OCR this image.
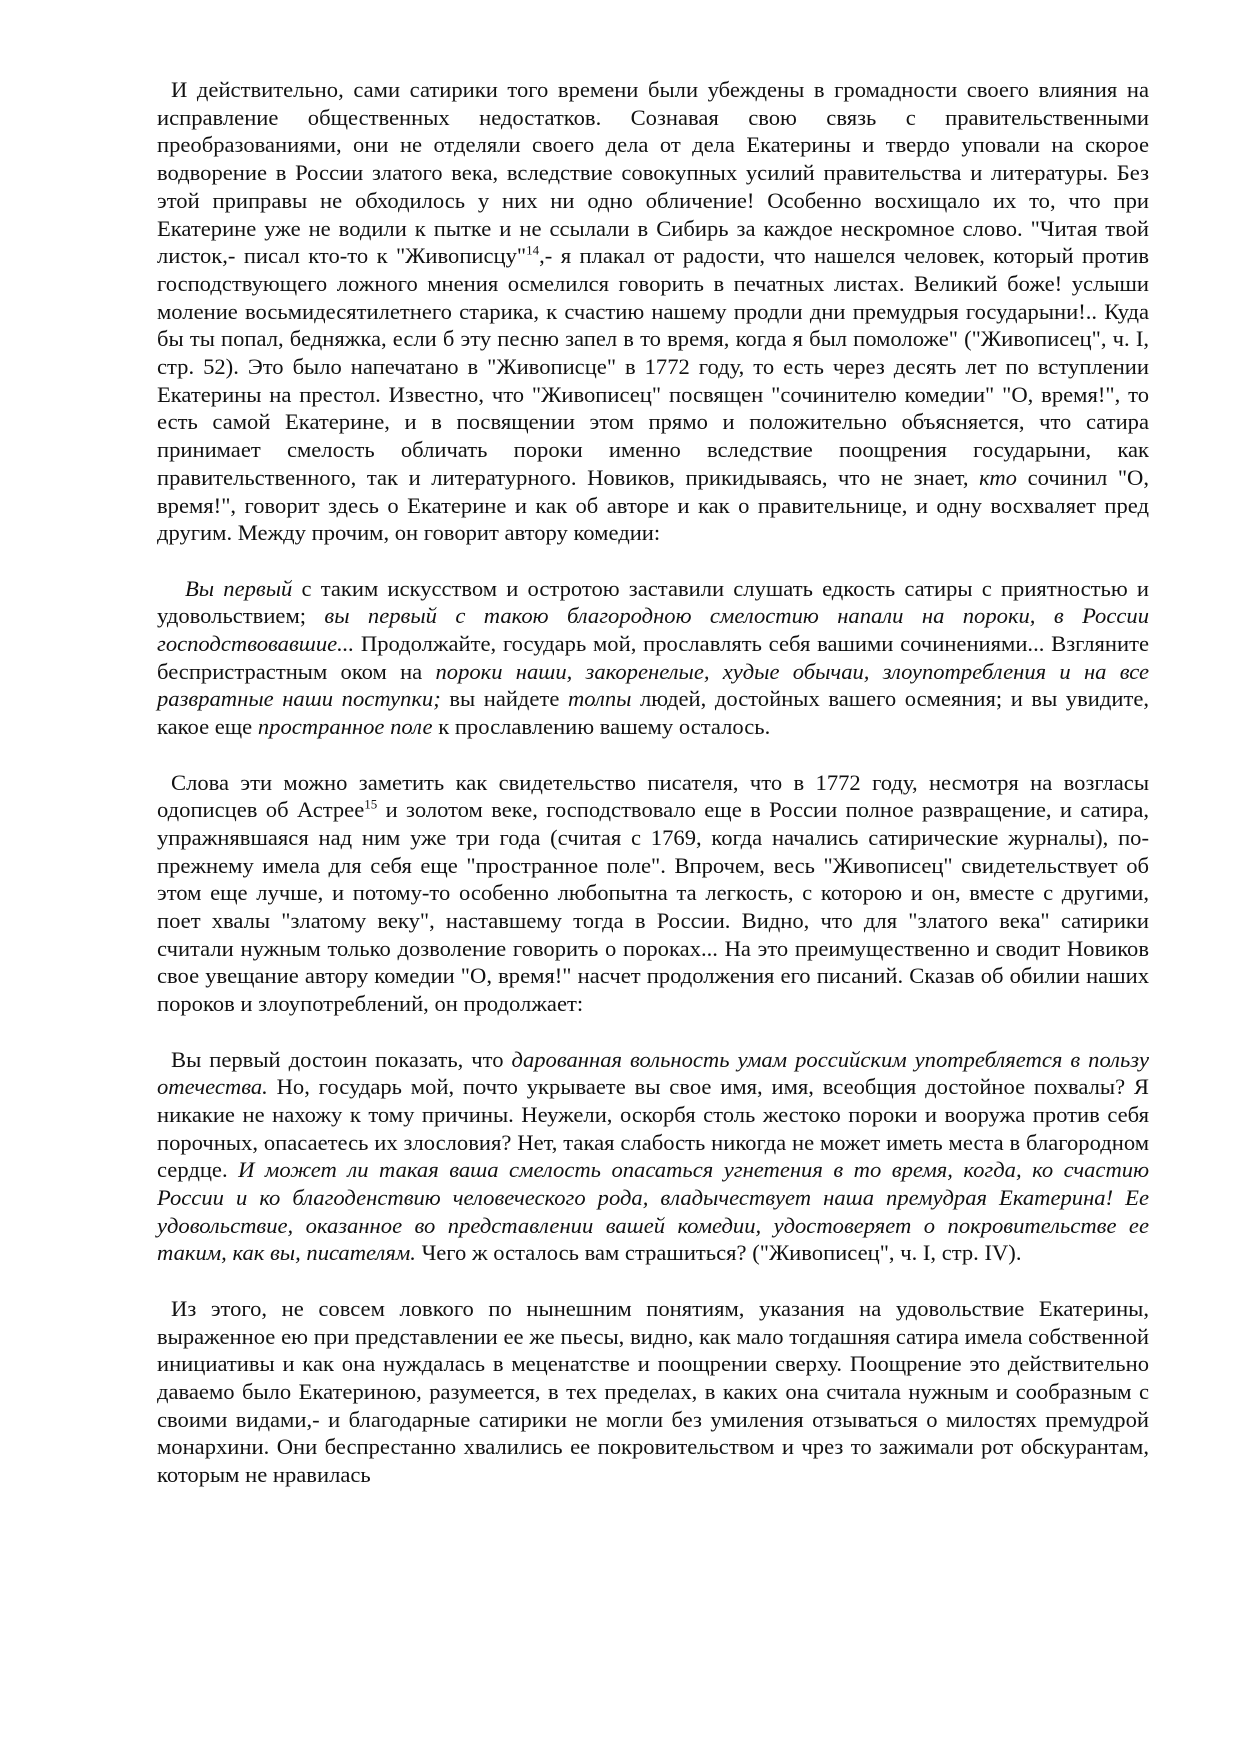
И действительно, сами сатирики того времени были убеждены в громадности своего влияния на исправление общественных недостатков. Сознавая свою связь с правительственными преобразованиями, они не отделяли своего дела от дела Екатерины и твердо уповали на скорое водворение в России златого века, вследствие совокупных усилий правительства и литературы. Без этой приправы не обходилось у них ни одно обличение! Особенно восхищало их то, что при Екатерине уже не водили к пытке и не ссылали в Сибирь за каждое нескромное слово. "Читая твой листок,- писал кто-то к "Живописцу"$^{14}$,- я плакал от радости, что нашелся человек, который против господствующего ложного мнения осмелился говорить в печатных листах. Великий боже! услыши моление восьмидесятилетнего старика, к счастию нашему продли дни премудрыя государыни!.. Куда бы ты попал, бедняжка, если б эту песню запел в то время, когда я был помоложе" ("Живописец", ч. I, стр. 52). Это было напечатано в "Живописце" в 1772 году, то есть через десять лет по вступлении Екатерины на престол. Известно, что "Живописец" посвящен "сочинителю комедии" "О, время!", то есть самой Екатерине, и в посвящении этом прямо и положительно объясняется, что сатира принимает смелость обличать пороки именно вследствие поощрения государыни, как правительственного, так и литературного. Новиков, прикидываясь, что не знает, кто сочинил "О, время!", говорит здесь о Екатерине и как об авторе и как о правительнице, и одну восхваляет пред другим. Между прочим, он говорит автору комедии:

Вы первый с таким искусством и остротою заставили слушать едкость сатиры с приятностью и удовольствием; вы первый с такою благородною смелостию напали на пороки, в России господствовавшие... Продолжайте, государь мой, прославлять себя вашими сочинениями... Взгляните беспристрастным оком на пороки наши, закоренелые, худые обычаи, злоупотребления и на все развратные наши поступки; вы найдете толпы людей, достойных вашего осмеяния; и вы увидите, какое еще пространное поле к прославлению вашему осталось.

Слова эти можно заметить как свидетельство писателя, что в 1772 году, несмотря на возгласы одописцев об Астрее$^{15}$ и золотом веке, господствовало еще в России полное развращение, и сатира, упражнявшаяся над ним уже три года (считая с 1769, когда начались сатирические журналы), по-прежнему имела для себя еще "пространное поле". Впрочем, весь "Живописец" свидетельствует об этом еще лучше, и потому-то особенно любопытна та легкость, с которою и он, вместе с другими, поет хвалы "златому веку", наставшему тогда в России. Видно, что для "златого века" сатирики считали нужным только дозволение говорить о пороках... На это преимущественно и сводит Новиков свое увещание автору комедии "О, время!" насчет продолжения его писаний. Сказав об обилии наших пороков и злоупотреблений, он продолжает:

Вы первый достоин показать, что дарованная вольность умам российским употребляется в пользу отечества. Но, государь мой, почто укрываете вы свое имя, имя, всеобщия достойное похвалы? Я никакие не нахожу к тому причины. Неужели, оскорбя столь жестоко пороки и вооружа против себя порочных, опасаетесь их злословия? Нет, такая слабость никогда не может иметь места в благородном сердце. И может ли такая ваша смелость опасаться угнетения в то время, когда, ко счастию России и ко благоденствию человеческого рода, владычествует наша премудрая Екатерина! Ее удовольствие, оказанное во представлении вашей комедии, удостоверяет о покровительстве ее таким, как вы, писателям. Чего ж осталось вам страшиться? ("Живописец", ч. I, стр. IV).

Из этого, не совсем ловкого по нынешним понятиям, указания на удовольствие Екатерины, выраженное ею при представлении ее же пьесы, видно, как мало тогдашняя сатира имела собственной инициативы и как она нуждалась в меценатстве и поощрении сверху. Поощрение это действительно даваемо было Екатериною, разумеется, в тех пределах, в каких она считала нужным и сообразным с своими видами,- и благодарные сатирики не могли без умиления отзываться о милостях премудрой монархини. Они беспрестанно хвалились ее покровительством и чрез то зажимали рот обскурантам, которым не нравилась
